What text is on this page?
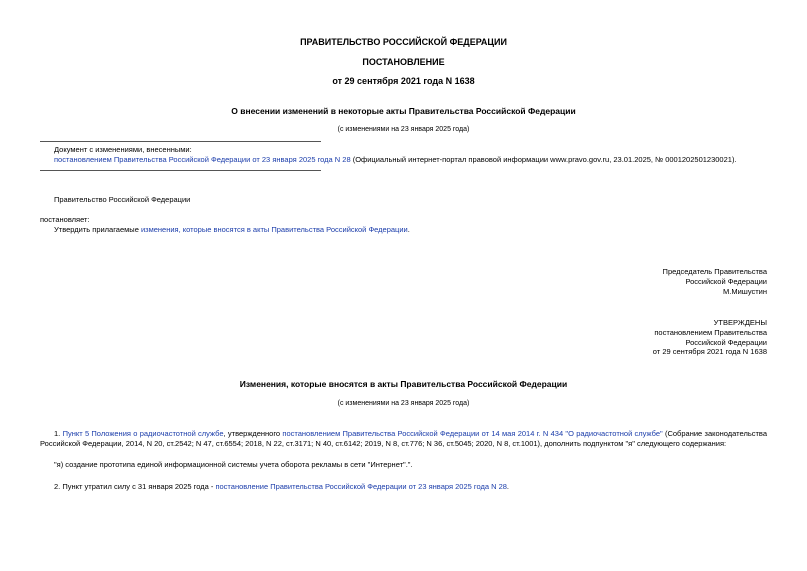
ПРАВИТЕЛЬСТВО РОССИЙСКОЙ ФЕДЕРАЦИИ
ПОСТАНОВЛЕНИЕ
от 29 сентября 2021 года N 1638
О внесении изменений в некоторые акты Правительства Российской Федерации
(с изменениями на 23 января 2025 года)
Документ с изменениями, внесенными:
постановлением Правительства Российской Федерации от 23 января 2025 года N 28 (Официальный интернет-портал правовой информации www.pravo.gov.ru, 23.01.2025, № 0001202501230021).
Правительство Российской Федерации
постановляет:
Утвердить прилагаемые изменения, которые вносятся в акты Правительства Российской Федерации.
Председатель Правительства
Российской Федерации
М.Мишустин
УТВЕРЖДЕНЫ
постановлением Правительства
Российской Федерации
от 29 сентября 2021 года N 1638
Изменения, которые вносятся в акты Правительства Российской Федерации
(с изменениями на 23 января 2025 года)
1. Пункт 5 Положения о радиочастотной службе, утвержденного постановлением Правительства Российской Федерации от 14 мая 2014 г. N 434 "О радиочастотной службе" (Собрание законодательства Российской Федерации, 2014, N 20, ст.2542; N 47, ст.6554; 2018, N 22, ст.3171; N 40, ст.6142; 2019, N 8, ст.776; N 36, ст.5045; 2020, N 8, ст.1001), дополнить подпунктом "я" следующего содержания:
"я) создание прототипа единой информационной системы учета оборота рекламы в сети "Интернет".".
2. Пункт утратил силу с 31 января 2025 года - постановление Правительства Российской Федерации от 23 января 2025 года N 28.
